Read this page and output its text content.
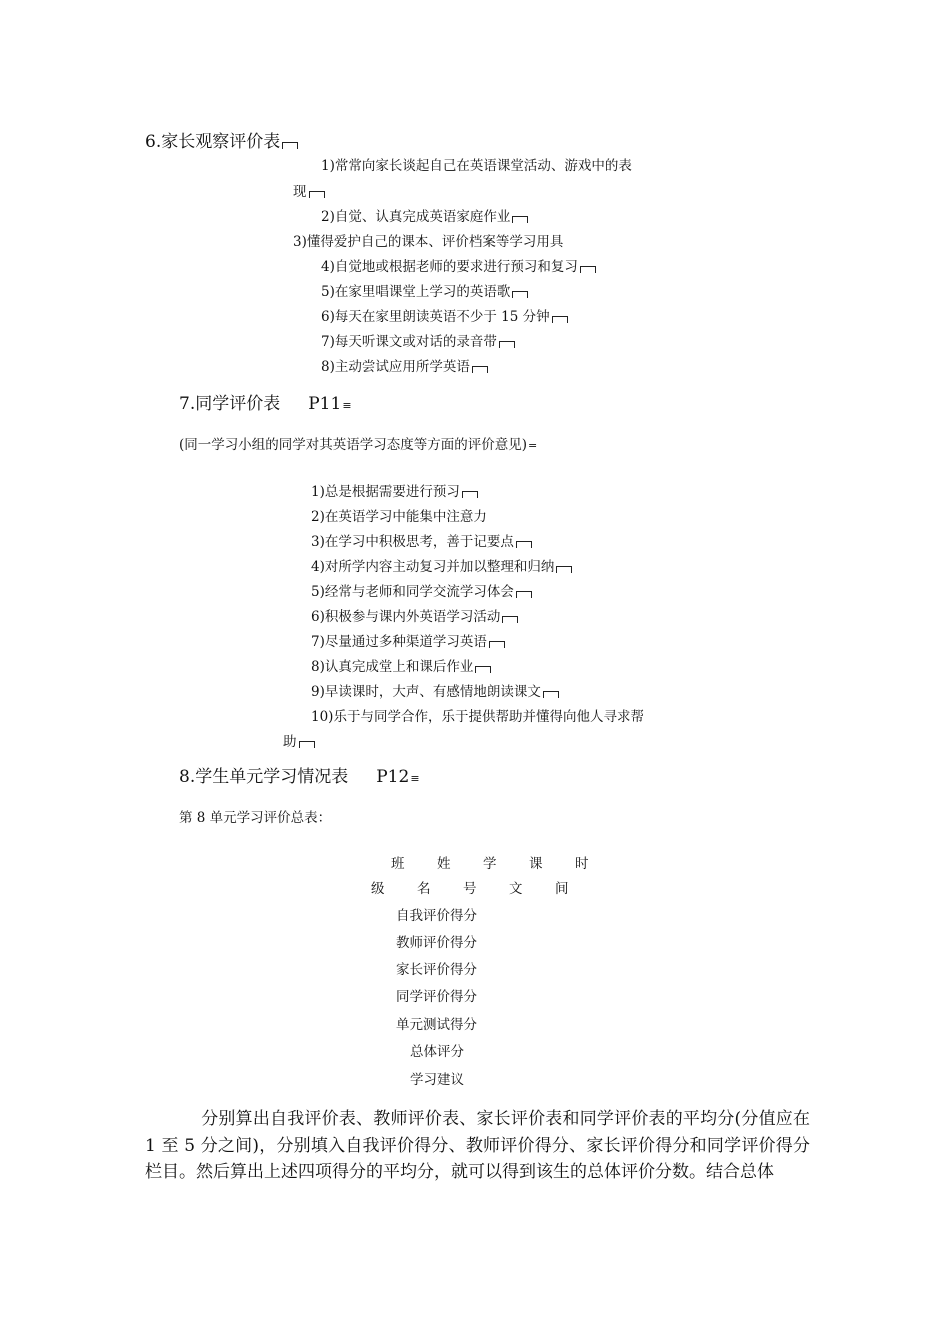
6.家长观察评价表
1)常常向家长谈起自己在英语课堂活动、游戏中的表
现
2)自觉、认真完成英语家庭作业
3)懂得爱护自己的课本、评价档案等学习用具
4)自觉地或根据老师的要求进行预习和复习
5)在家里唱课堂上学习的英语歌
6)每天在家里朗读英语不少于 15 分钟
7)每天听课文或对话的录音带
8)主动尝试应用所学英语
7.同学评价表 P11≡
(同一学习小组的同学对其英语学习态度等方面的评价意见)=
1)总是根据需要进行预习
2)在英语学习中能集中注意力
3)在学习中积极思考，善于记要点
4)对所学内容主动复习并加以整理和归纳
5)经常与老师和同学交流学习体会
6)积极参与课内外英语学习活动
7)尽量通过多种渠道学习英语
8)认真完成堂上和课后作业
9)早读课时，大声、有感情地朗读课文
10)乐于与同学合作，乐于提供帮助并懂得向他人寻求帮
助
8.学生单元学习情况表 P12≡
第 8 单元学习评价总表：
班 姓 学 课 时
级 名 号 文 间
自我评价得分
教师评价得分
家长评价得分
同学评价得分
单元测试得分
总体评分
学习建议
分别算出自我评价表、教师评价表、家长评价表和同学评价表的平均分(分值应在 1 至 5 分之间)，分别填入自我评价得分、教师评价得分、家长评价得分和同学评价得分栏目。然后算出上述四项得分的平均分，就可以得到该生的总体评价分数。结合总体
